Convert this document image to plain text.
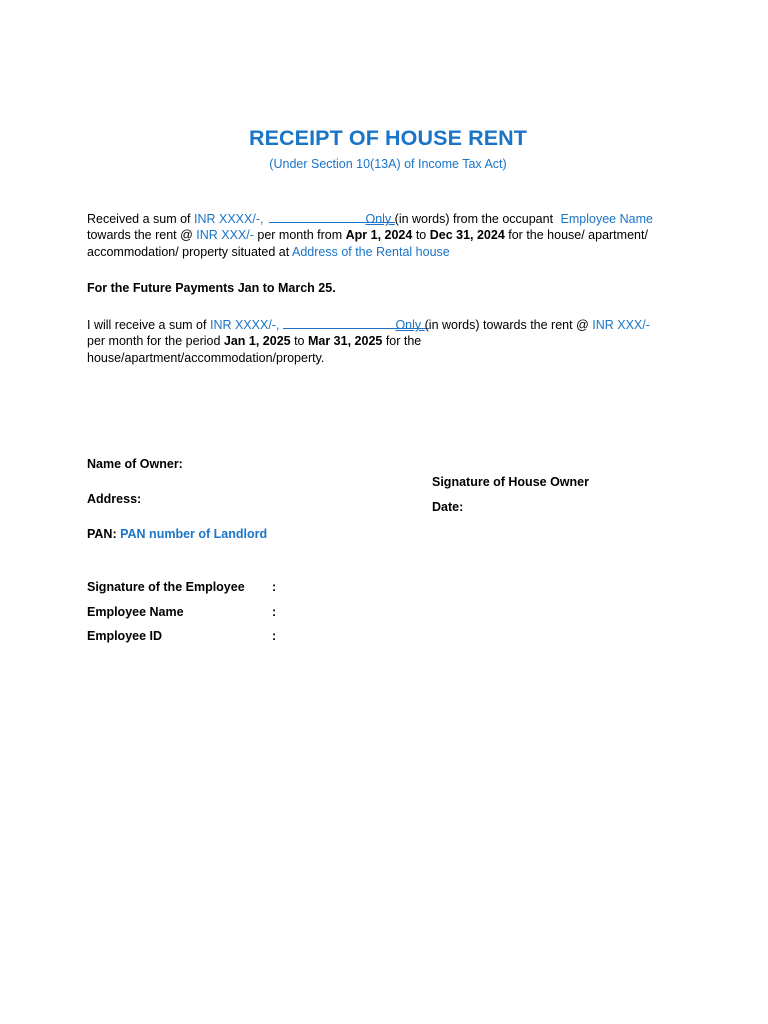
RECEIPT OF HOUSE RENT
(Under Section 10(13A) of Income Tax Act)
Received a sum of INR XXXX/-,	Only (in words) from the occupant Employee Name
towards the rent @ INR XXX/- per month from Apr 1, 2024 to Dec 31, 2024 for the house/ apartment/
accommodation/ property situated at Address of the Rental house
For the Future Payments Jan to March 25.
I will receive a sum of INR XXXX/-,	Only (in words) towards the rent @ INR XXX/-
per month for the period Jan 1, 2025 to Mar 31, 2025 for the
house/apartment/accommodation/property.
Name of Owner:
Address:
PAN: PAN number of Landlord
Signature of House Owner
Date:
Signature of the Employee :
Employee Name	:
Employee ID	:
